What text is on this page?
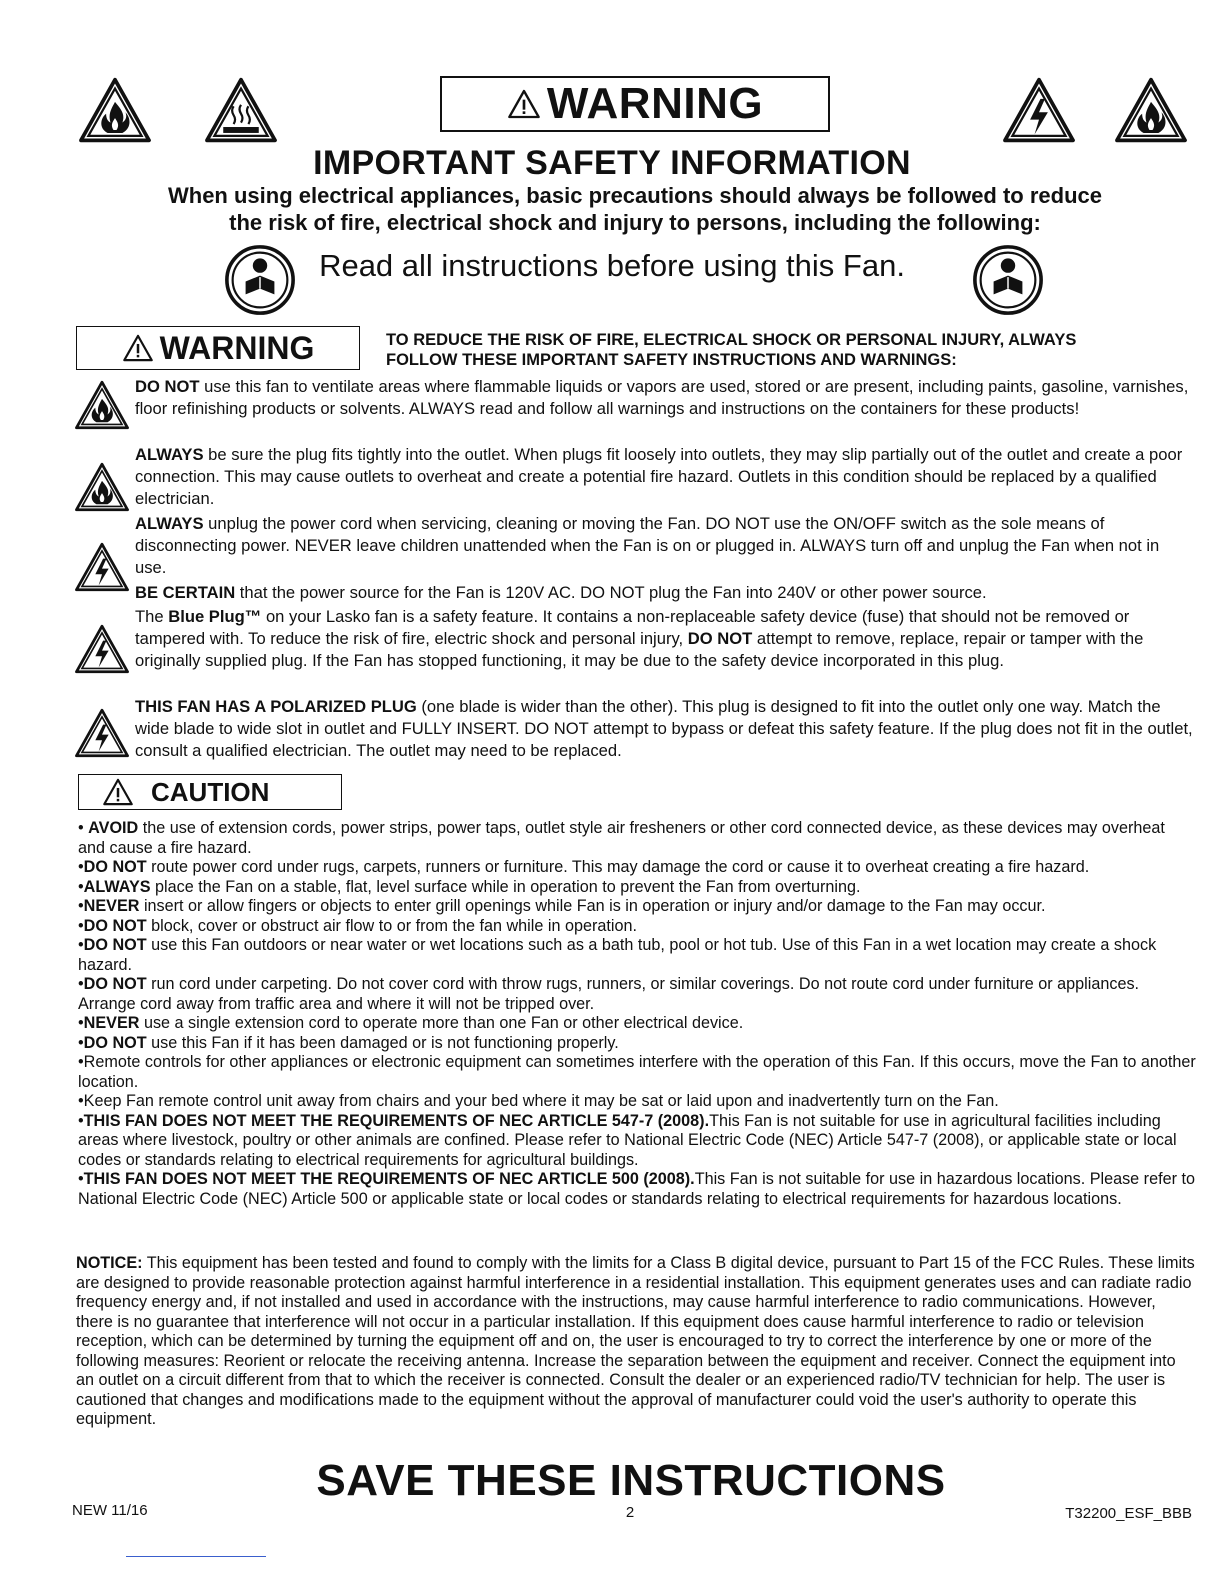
WARNING
IMPORTANT SAFETY INFORMATION
When using electrical appliances, basic precautions should always be followed to reduce
the risk of fire, electrical shock and injury to persons, including the following:
Read all instructions before using this Fan.
WARNING	TO REDUCE THE RISK OF FIRE, ELECTRICAL SHOCK OR PERSONAL INJURY, ALWAYS
FOLLOW THESE IMPORTANT SAFETY INSTRUCTIONS AND WARNINGS:
DO NOT use this fan to ventilate areas where flammable liquids or vapors are used, stored or are present, including paints, gasoline, varnishes, floor refinishing products or solvents. ALWAYS read and follow all warnings and instructions on the containers for these products!
ALWAYS be sure the plug fits tightly into the outlet. When plugs fit loosely into outlets, they may slip partially out of the outlet and create a poor connection. This may cause outlets to overheat and create a potential fire hazard. Outlets in this condition should be replaced by a qualified electrician.
ALWAYS unplug the power cord when servicing, cleaning or moving the Fan. DO NOT use the ON/OFF switch as the sole means of disconnecting power. NEVER leave children unattended when the Fan is on or plugged in. ALWAYS turn off and unplug the Fan when not in use.
BE CERTAIN that the power source for the Fan is 120V AC. DO NOT plug the Fan into 240V or other power source.
The Blue Plug™ on your Lasko fan is a safety feature. It contains a non-replaceable safety device (fuse) that should not be removed or tampered with. To reduce the risk of fire, electric shock and personal injury, DO NOT attempt to remove, replace, repair or tamper with the originally supplied plug. If the Fan has stopped functioning, it may be due to the safety device incorporated in this plug.
THIS FAN HAS A POLARIZED PLUG (one blade is wider than the other). This plug is designed to fit into the outlet only one way. Match the wide blade to wide slot in outlet and FULLY INSERT. DO NOT attempt to bypass or defeat this safety feature. If the plug does not fit in the outlet, consult a qualified electrician. The outlet may need to be replaced.
CAUTION

• AVOID the use of extension cords, power strips, power taps, outlet style air fresheners or other cord connected device, as these devices may overheat and cause a fire hazard.

•DO NOT route power cord under rugs, carpets, runners or furniture. This may damage the cord or cause it to overheat creating a fire hazard.

•ALWAYS place the Fan on a stable, flat, level surface while in operation to prevent the Fan from overturning.

•NEVER insert or allow fingers or objects to enter grill openings while Fan is in operation or injury and/or damage to the Fan may occur.

•DO NOT block, cover or obstruct air flow to or from the fan while in operation.

•DO NOT use this Fan outdoors or near water or wet locations such as a bath tub, pool or hot tub. Use of this Fan in a wet location may create a shock hazard.

•DO NOT run cord under carpeting. Do not cover cord with throw rugs, runners, or similar coverings. Do not route cord under furniture or appliances. Arrange cord away from traffic area and where it will not be tripped over.

•NEVER use a single extension cord to operate more than one Fan or other electrical device.

•DO NOT use this Fan if it has been damaged or is not functioning properly.

•Remote controls for other appliances or electronic equipment can sometimes interfere with the operation of this Fan. If this occurs, move the Fan to another location.

•Keep Fan remote control unit away from chairs and your bed where it may be sat or laid upon and inadvertently turn on the Fan.

•THIS FAN DOES NOT MEET THE REQUIREMENTS OF NEC ARTICLE 547-7 (2008).This Fan is not suitable for use in agricultural facilities including areas where livestock, poultry or other animals are confined. Please refer to National Electric Code (NEC) Article 547-7 (2008), or applicable state or local codes or standards relating to electrical requirements for agricultural buildings.

•THIS FAN DOES NOT MEET THE REQUIREMENTS OF NEC ARTICLE 500 (2008).This Fan is not suitable for use in hazardous locations. Please refer to National Electric Code (NEC) Article 500 or applicable state or local codes or standards relating to electrical requirements for hazardous locations.

NOTICE: This equipment has been tested and found to comply with the limits for a Class B digital device, pursuant to Part 15 of the FCC Rules. These limits are designed to provide reasonable protection against harmful interference in a residential installation. This equipment generates uses and can radiate radio frequency energy and, if not installed and used in accordance with the instructions, may cause harmful interference to radio communications. However, there is no guarantee that interference will not occur in a particular installation. If this equipment does cause harmful interference to radio or television reception, which can be determined by turning the equipment off and on, the user is encouraged to try to correct the interference by one or more of the following measures: Reorient or relocate the receiving antenna. Increase the separation between the equipment and receiver. Connect the equipment into an outlet on a circuit different from that to which the receiver is connected. Consult the dealer or an experienced radio/TV technician for help. The user is cautioned that changes and modifications made to the equipment without the approval of manufacturer could void the user's authority to operate this equipment.
SAVE THESE INSTRUCTIONS
NEW 11/16	2	T32200_ESF_BBB
